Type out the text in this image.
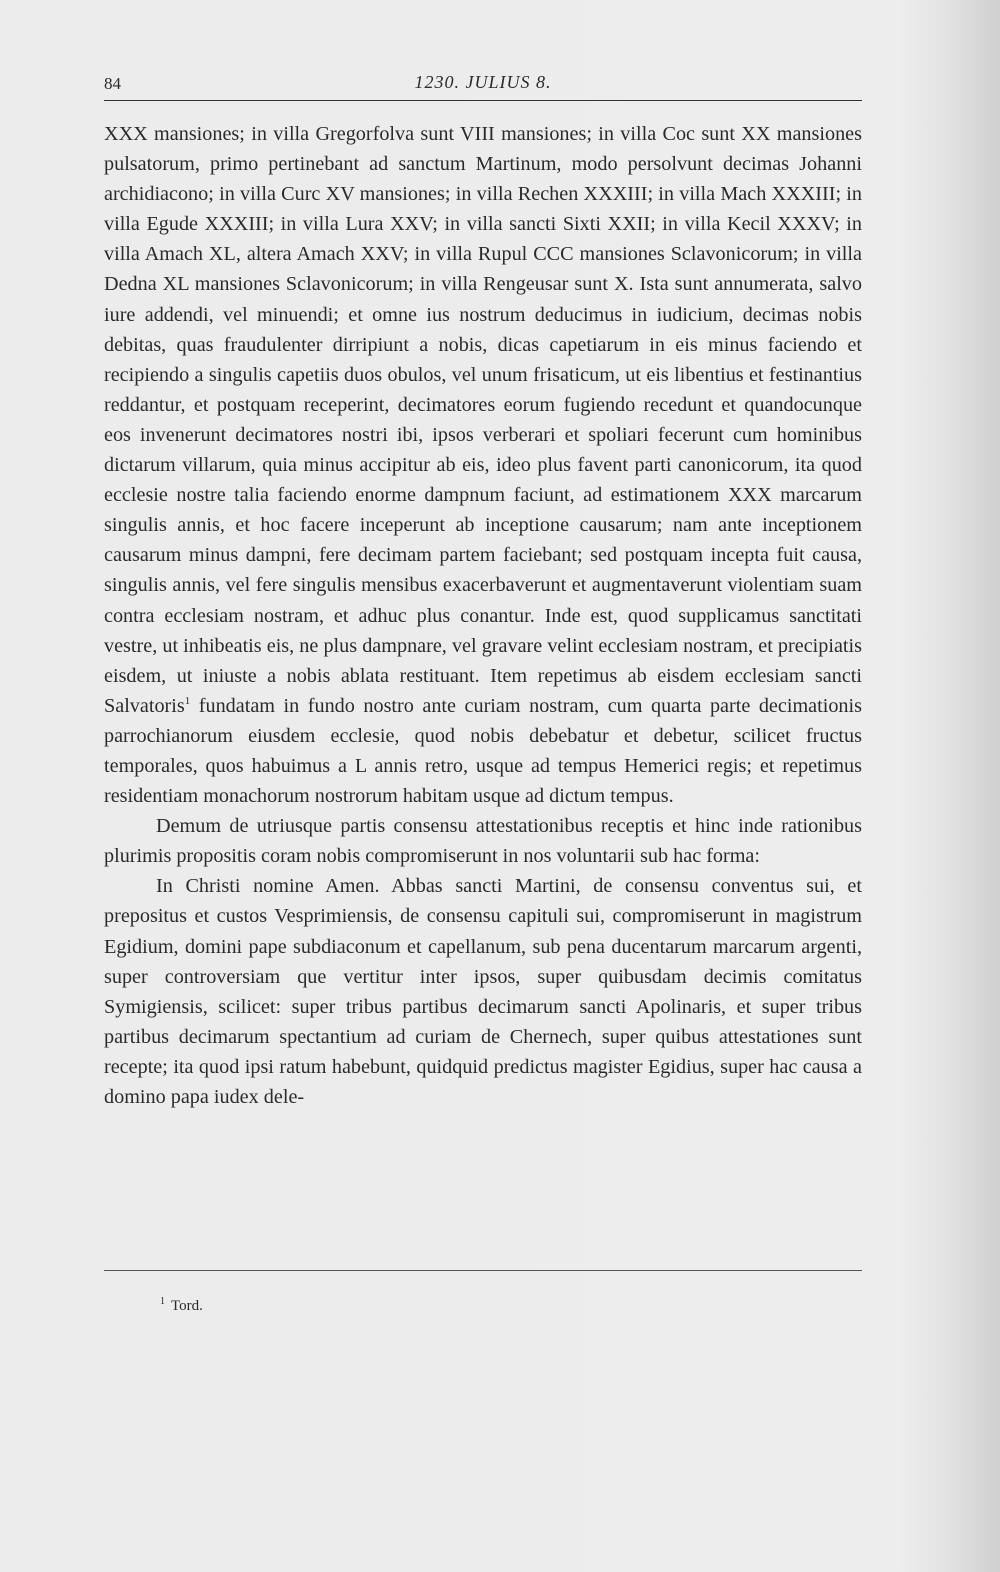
84	1230. JULIUS 8.

XXX mansiones; in villa Gregorfolva sunt VIII mansiones; in villa Coc sunt XX mansiones pulsatorum, primo pertinebant ad sanctum Martinum, modo persolvunt decimas Johanni archidiacono; in villa Curc XV mansiones; in villa Rechen XXXIII; in villa Mach XXXIII; in villa Egude XXXIII; in villa Lura XXV; in villa sancti Sixti XXII; in villa Kecil XXXV; in villa Amach XL, altera Amach XXV; in villa Rupul CCC mansiones Sclavonicorum; in villa Dedna XL mansiones Sclavonicorum; in villa Rengeusar sunt X. Ista sunt annumerata, salvo iure addendi, vel minuendi; et omne ius nostrum deducimus in iudicium, decimas nobis debitas, quas fraudulenter dirripiunt a nobis, dicas capetiarum in eis minus faciendo et recipiendo a singulis capetiis duos obulos, vel unum frisaticum, ut eis libentius et festinantius reddantur, et postquam receperint, decimatores eorum fugiendo recedunt et quandocunque eos invenerunt decimatores nostri ibi, ipsos verberari et spoliari fecerunt cum hominibus dictarum villarum, quia minus accipitur ab eis, ideo plus favent parti canonicorum, ita quod ecclesie nostre talia faciendo enorme dampnum faciunt, ad estimationem XXX marcarum singulis annis, et hoc facere inceperunt ab inceptione causarum; nam ante inceptionem causarum minus dampni, fere decimam partem faciebant; sed postquam incepta fuit causa, singulis annis, vel fere singulis mensibus exacerbaverunt et augmentaverunt violentiam suam contra ecclesiam nostram, et adhuc plus conantur. Inde est, quod supplicamus sanctitati vestre, ut inhibeatis eis, ne plus dampnare, vel gravare velint ecclesiam nostram, et precipiatis eisdem, ut iniuste a nobis ablata restituant. Item repetimus ab eisdem ecclesiam sancti Salvatoris$^1$ fundatam in fundo nostro ante curiam nostram, cum quarta parte decimationis parrochianorum eiusdem ecclesie, quod nobis debebatur et debetur, scilicet fructus temporales, quos habuimus a L annis retro, usque ad tempus Hemerici regis; et repetimus residentiam monachorum nostrorum habitam usque ad dictum tempus.

Demum de utriusque partis consensu attestationibus receptis et hinc inde rationibus plurimis propositis coram nobis compromiserunt in nos voluntarii sub hac forma:

In Christi nomine Amen. Abbas sancti Martini, de consensu conventus sui, et prepositus et custos Vesprimiensis, de consensu capituli sui, compromiserunt in magistrum Egidium, domini pape subdiaconum et capellanum, sub pena ducentarum marcarum argenti, super controversiam que vertitur inter ipsos, super quibusdam decimis comitatus Symigiensis, scilicet: super tribus partibus decimarum sancti Apolinaris, et super tribus partibus decimarum spectantium ad curiam de Chernech, super quibus attestationes sunt recepte; ita quod ipsi ratum habebunt, quidquid predictus magister Egidius, super hac causa a domino papa iudex dele-

$^1$ Tord.
